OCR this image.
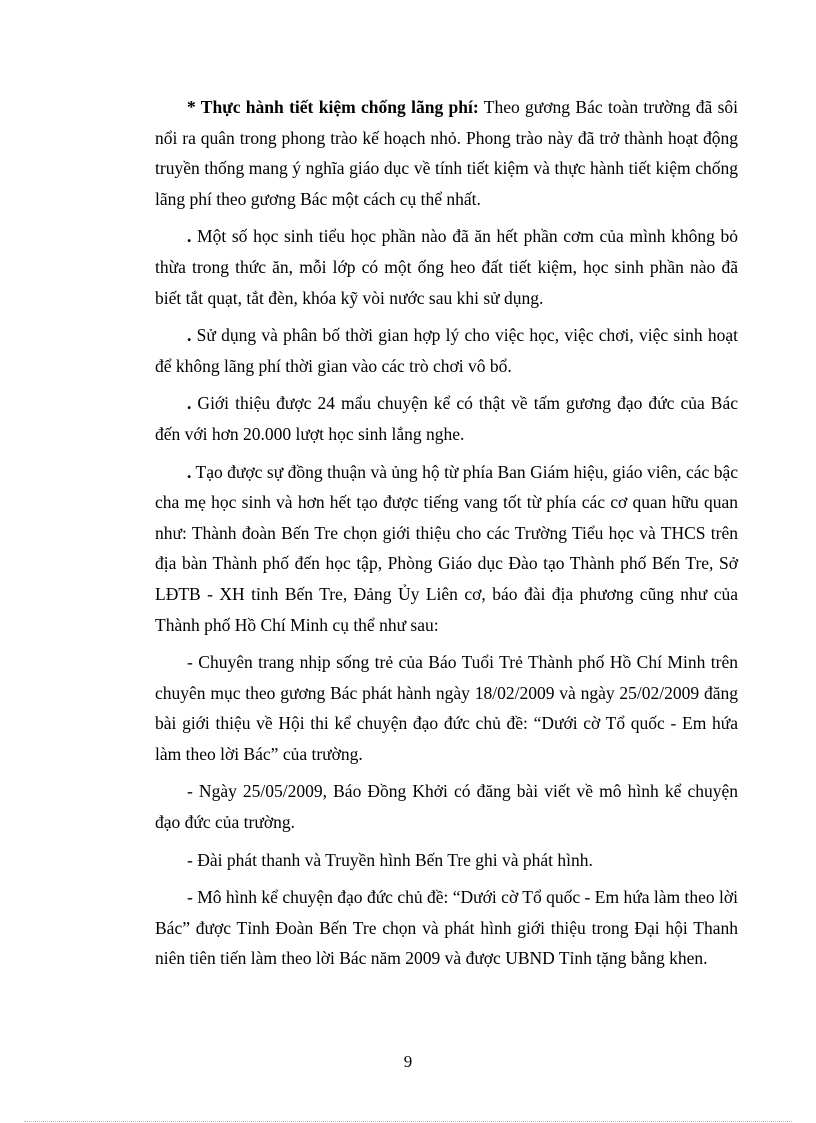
* Thực hành tiết kiệm chống lãng phí: Theo gương Bác toàn trường đã sôi nổi ra quân trong phong trào kế hoạch nhỏ. Phong trào này đã trở thành hoạt động truyền thống mang ý nghĩa giáo dục về tính tiết kiệm và thực hành tiết kiệm chống lãng phí theo gương Bác một cách cụ thể nhất.

. Một số học sinh tiểu học phần nào đã ăn hết phần cơm của mình không bỏ thừa trong thức ăn, mỗi lớp có một ống heo đất tiết kiệm, học sinh phần nào đã biết tắt quạt, tắt đèn, khóa kỹ vòi nước sau khi sử dụng.

. Sử dụng và phân bố thời gian hợp lý cho việc học, việc chơi, việc sinh hoạt để không lãng phí thời gian vào các trò chơi vô bổ.

. Giới thiệu được 24 mẩu chuyện kể có thật về tấm gương đạo đức của Bác đến với hơn 20.000 lượt học sinh lắng nghe.

. Tạo được sự đồng thuận và ủng hộ từ phía Ban Giám hiệu, giáo viên, các bậc cha mẹ học sinh và hơn hết tạo được tiếng vang tốt từ phía các cơ quan hữu quan như: Thành đoàn Bến Tre chọn giới thiệu cho các Trường Tiểu học và THCS trên địa bàn Thành phố đến học tập, Phòng Giáo dục Đào tạo Thành phố Bến Tre, Sở LĐTB - XH tỉnh Bến Tre, Đảng Ủy Liên cơ, báo đài địa phương cũng như của Thành phố Hồ Chí Minh cụ thể như sau:

- Chuyên trang nhịp sống trẻ của Báo Tuổi Trẻ Thành phố Hồ Chí Minh trên chuyên mục theo gương Bác phát hành ngày 18/02/2009 và ngày 25/02/2009 đăng bài giới thiệu về Hội thi kể chuyện đạo đức chủ đề: “Dưới cờ Tổ quốc - Em hứa làm theo lời Bác” của trường.

- Ngày 25/05/2009, Báo Đồng Khởi có đăng bài viết về mô hình kể chuyện đạo đức của trường.

- Đài phát thanh và Truyền hình Bến Tre ghi và phát hình.

- Mô hình kể chuyện đạo đức chủ đề: “Dưới cờ Tổ quốc - Em hứa làm theo lời Bác” được Tỉnh Đoàn Bến Tre chọn và phát hình giới thiệu trong Đại hội Thanh niên tiên tiến làm theo lời Bác năm 2009 và được UBND Tỉnh tặng bằng khen.

9
